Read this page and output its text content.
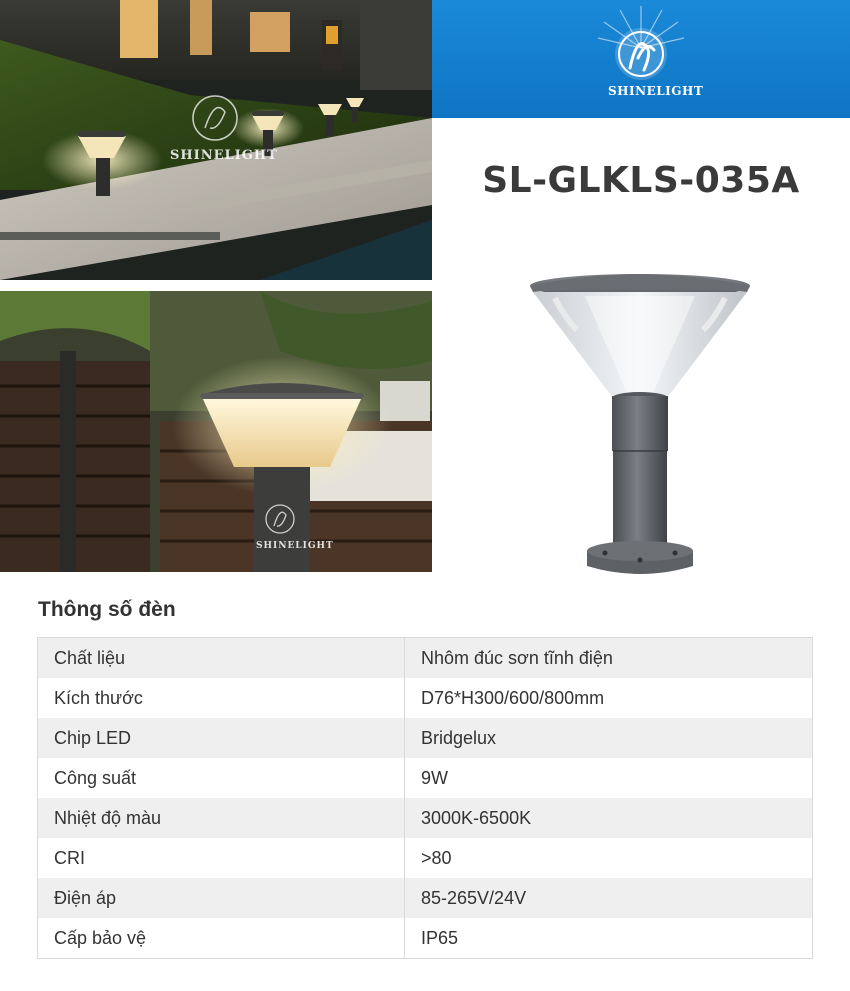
SHINELIGHT
SHINELIGHT
SHINELIGHT
SL-GLKLS-035A
Thông số đèn
Chất liệu	Nhôm đúc sơn tĩnh điện
Kích thước	D76*H300/600/800mm
Chip LED	Bridgelux
Công suất	9W
Nhiệt độ màu	3000K-6500K
CRI	>80
Điện áp	85-265V/24V
Cấp bảo vệ	IP65
